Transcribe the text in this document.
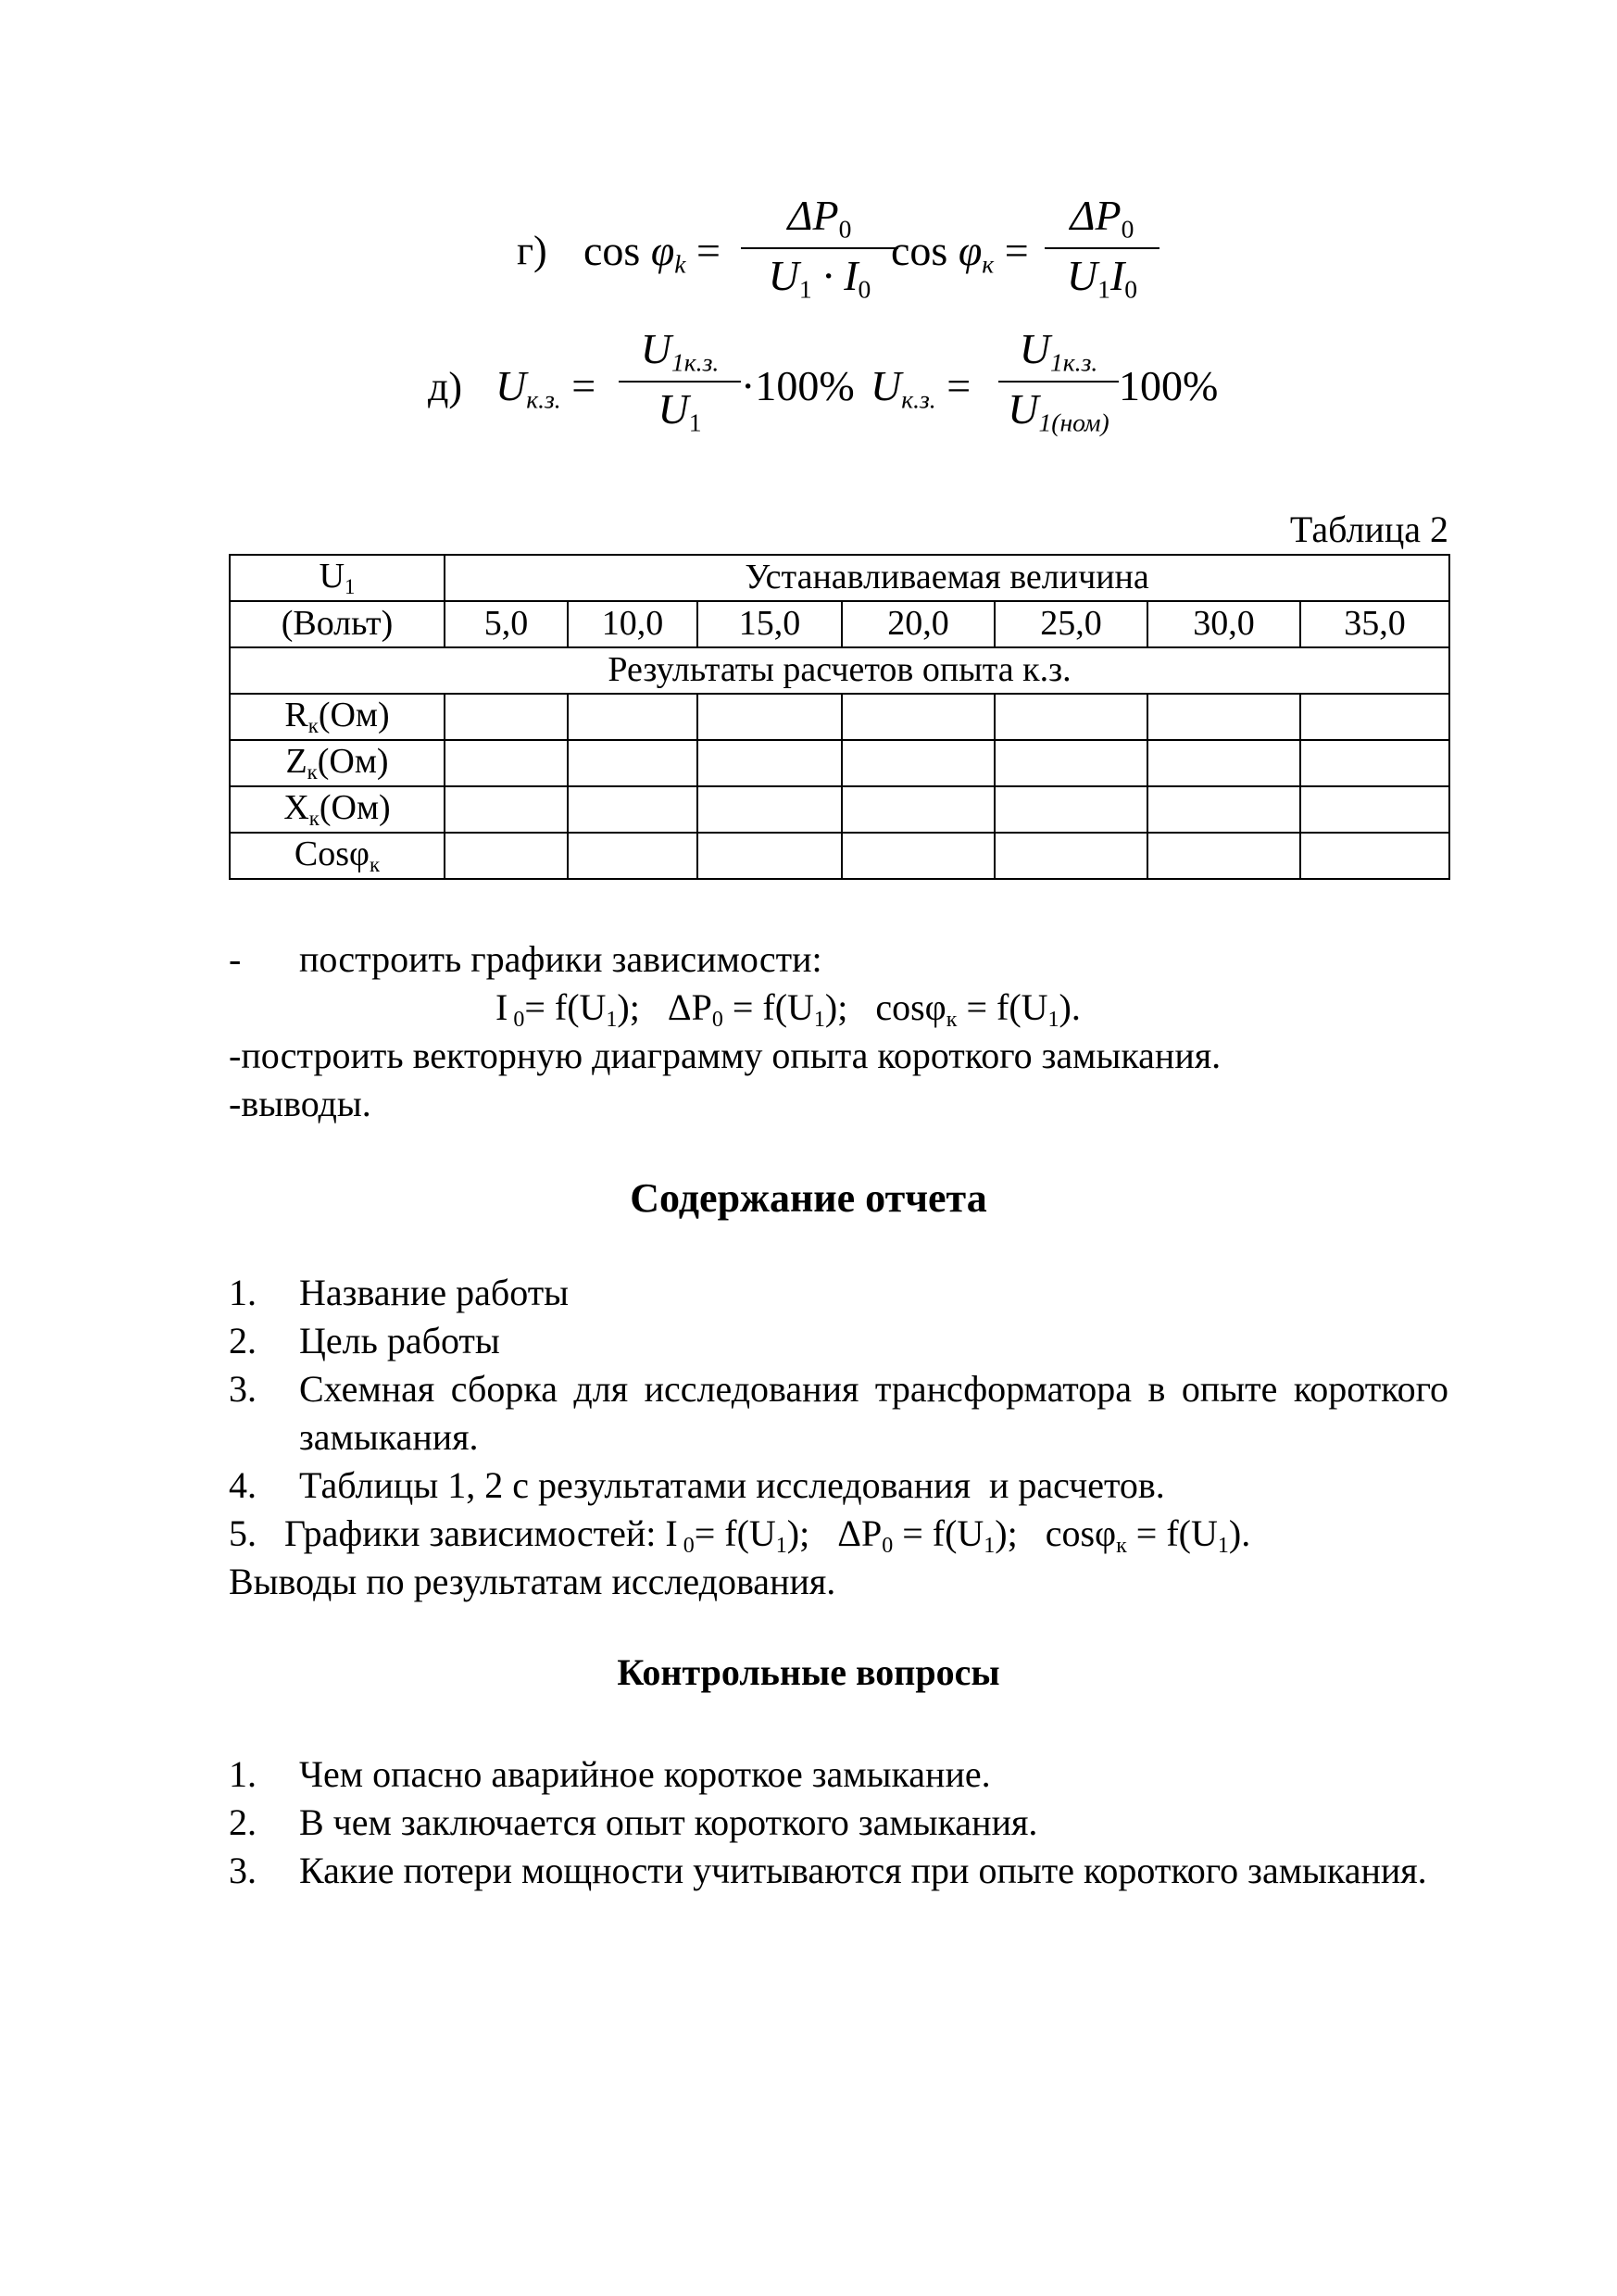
г) $\cos \varphi_k$ =
$\Delta P_0$
$U_1 \cdot I_0$
$\cos \varphi_к$ =
$\Delta P_0$
$U_1I_0$
д) $U_{к.з.}$ =
$U_{1к.з.}$
$U_1$
·100% $U_{к.з.}$ =
$U_{1к.з.}$
$U_{1(ном)}$
100%
Таблица 2
$U_1$	Устанавливаемая величина						
(Вольт)	5,0	10,0	15,0	20,0	25,0	30,0	35,0
Результаты расчетов опыта к.з.							
$R_к(Ом)$							
$Z_к(Ом)$							
$X_к(Ом)$							
Cosφ$_к$							
- построить графики зависимости:
I $_0= f(U_1)$;   $\Delta P_0 = f(U_1)$;   $\cos\varphi_к = f(U_1)$.
-построить векторную диаграмму опыта короткого замыкания.
-выводы.
Содержание отчета
1. Название работы
2. Цель работы
3. Схемная сборка для исследования трансформатора в опыте короткого замыкания.
4. Таблицы 1, 2 с результатами исследования  и расчетов.
5. Графики зависимостей: I $_0= f(U_1)$;   $\Delta P_0 = f(U_1)$;   $\cos\varphi_к = f(U_1)$.
Выводы по результатам исследования.
Контрольные вопросы
1. Чем опасно аварийное короткое замыкание.
2. В чем заключается опыт короткого замыкания.
3. Какие потери мощности учитываются при опыте короткого замыкания.
